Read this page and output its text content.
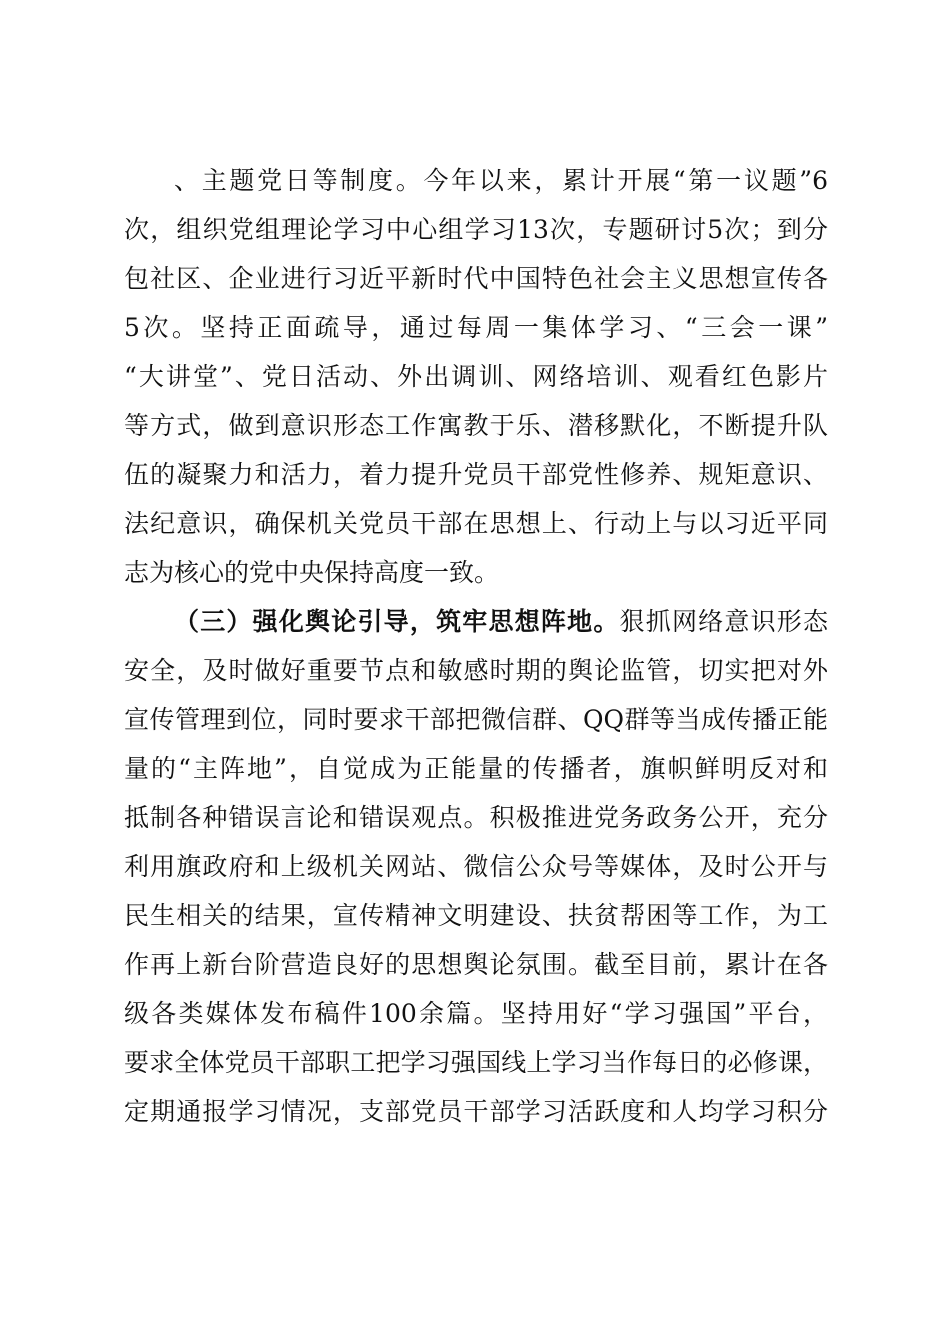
、主题党日等制度。今年以来，累计开展“第一议题”6
次，组织党组理论学习中心组学习13次，专题研讨5次；到分
包社区、企业进行习近平新时代中国特色社会主义思想宣传各
5次。坚持正面疏导，通过每周一集体学习、“三会一课”
“大讲堂”、党日活动、外出调训、网络培训、观看红色影片
等方式，做到意识形态工作寓教于乐、潜移默化，不断提升队
伍的凝聚力和活力，着力提升党员干部党性修养、规矩意识、
法纪意识，确保机关党员干部在思想上、行动上与以习近平同
志为核心的党中央保持高度一致。
（三）强化舆论引导，筑牢思想阵地。狠抓网络意识形态
安全，及时做好重要节点和敏感时期的舆论监管，切实把对外
宣传管理到位，同时要求干部把微信群、QQ群等当成传播正能
量的“主阵地”，自觉成为正能量的传播者，旗帜鲜明反对和
抵制各种错误言论和错误观点。积极推进党务政务公开，充分
利用旗政府和上级机关网站、微信公众号等媒体，及时公开与
民生相关的结果，宣传精神文明建设、扶贫帮困等工作，为工
作再上新台阶营造良好的思想舆论氛围。截至目前，累计在各
级各类媒体发布稿件100余篇。坚持用好“学习强国”平台，
要求全体党员干部职工把学习强国线上学习当作每日的必修课，
定期通报学习情况，支部党员干部学习活跃度和人均学习积分
